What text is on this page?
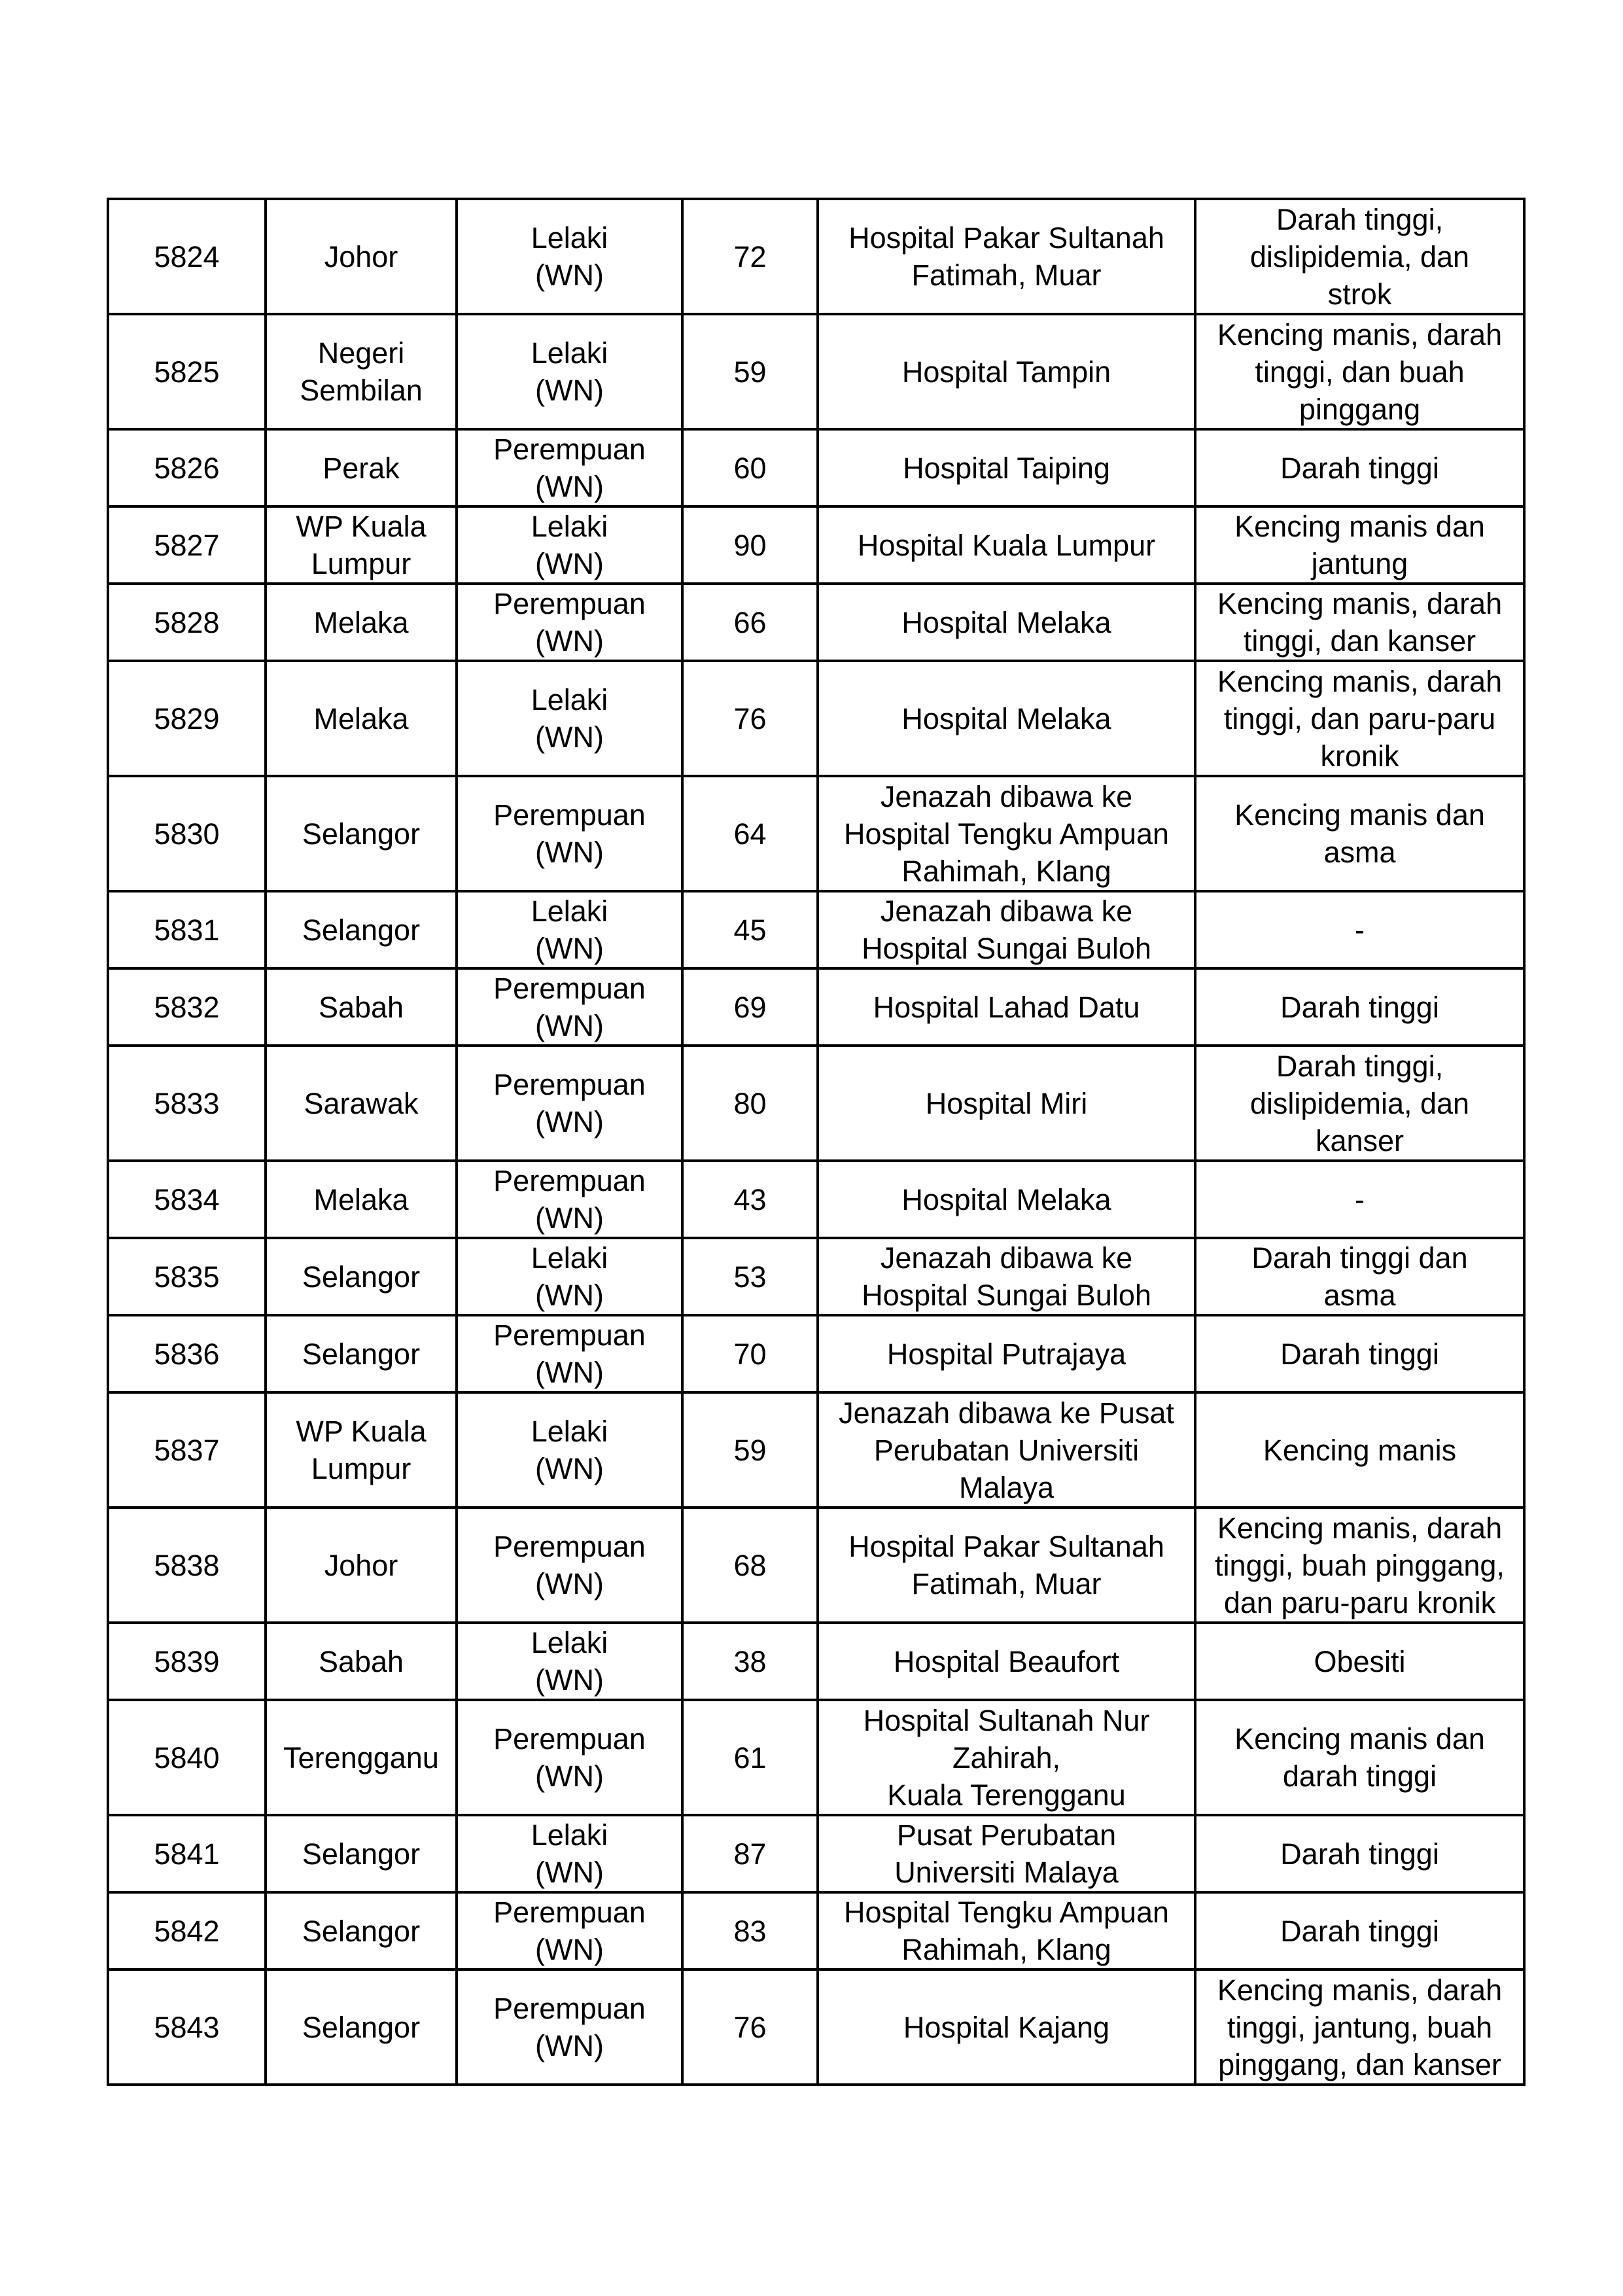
5824	Johor	Lelaki
(WN)	72	Hospital Pakar Sultanah
Fatimah, Muar	Darah tinggi,
dislipidemia, dan
strok

5825	Negeri
Sembilan	Lelaki
(WN)	59	Hospital Tampin	Kencing manis, darah
tinggi, dan buah
pinggang

5826	Perak	Perempuan
(WN)	60	Hospital Taiping	Darah tinggi

5827	WP Kuala
Lumpur	Lelaki
(WN)	90	Hospital Kuala Lumpur	Kencing manis dan
jantung

5828	Melaka	Perempuan
(WN)	66	Hospital Melaka	Kencing manis, darah
tinggi, dan kanser

5829	Melaka	Lelaki
(WN)	76	Hospital Melaka	Kencing manis, darah
tinggi, dan paru-paru
kronik

5830	Selangor	Perempuan
(WN)	64	Jenazah dibawa ke
Hospital Tengku Ampuan
Rahimah, Klang	Kencing manis dan
asma

5831	Selangor	Lelaki
(WN)	45	Jenazah dibawa ke
Hospital Sungai Buloh	-

5832	Sabah	Perempuan
(WN)	69	Hospital Lahad Datu	Darah tinggi

5833	Sarawak	Perempuan
(WN)	80	Hospital Miri	Darah tinggi,
dislipidemia, dan
kanser

5834	Melaka	Perempuan
(WN)	43	Hospital Melaka	-

5835	Selangor	Lelaki
(WN)	53	Jenazah dibawa ke
Hospital Sungai Buloh	Darah tinggi dan
asma

5836	Selangor	Perempuan
(WN)	70	Hospital Putrajaya	Darah tinggi

5837	WP Kuala
Lumpur	Lelaki
(WN)	59	Jenazah dibawa ke Pusat
Perubatan Universiti
Malaya	Kencing manis

5838	Johor	Perempuan
(WN)	68	Hospital Pakar Sultanah
Fatimah, Muar	Kencing manis, darah
tinggi, buah pinggang,
dan paru-paru kronik

5839	Sabah	Lelaki
(WN)	38	Hospital Beaufort	Obesiti

5840	Terengganu	Perempuan
(WN)	61	Hospital Sultanah Nur
Zahirah,
Kuala Terengganu	Kencing manis dan
darah tinggi

5841	Selangor	Lelaki
(WN)	87	Pusat Perubatan
Universiti Malaya	Darah tinggi

5842	Selangor	Perempuan
(WN)	83	Hospital Tengku Ampuan
Rahimah, Klang	Darah tinggi

5843	Selangor	Perempuan
(WN)	76	Hospital Kajang	Kencing manis, darah
tinggi, jantung, buah
pinggang, dan kanser
